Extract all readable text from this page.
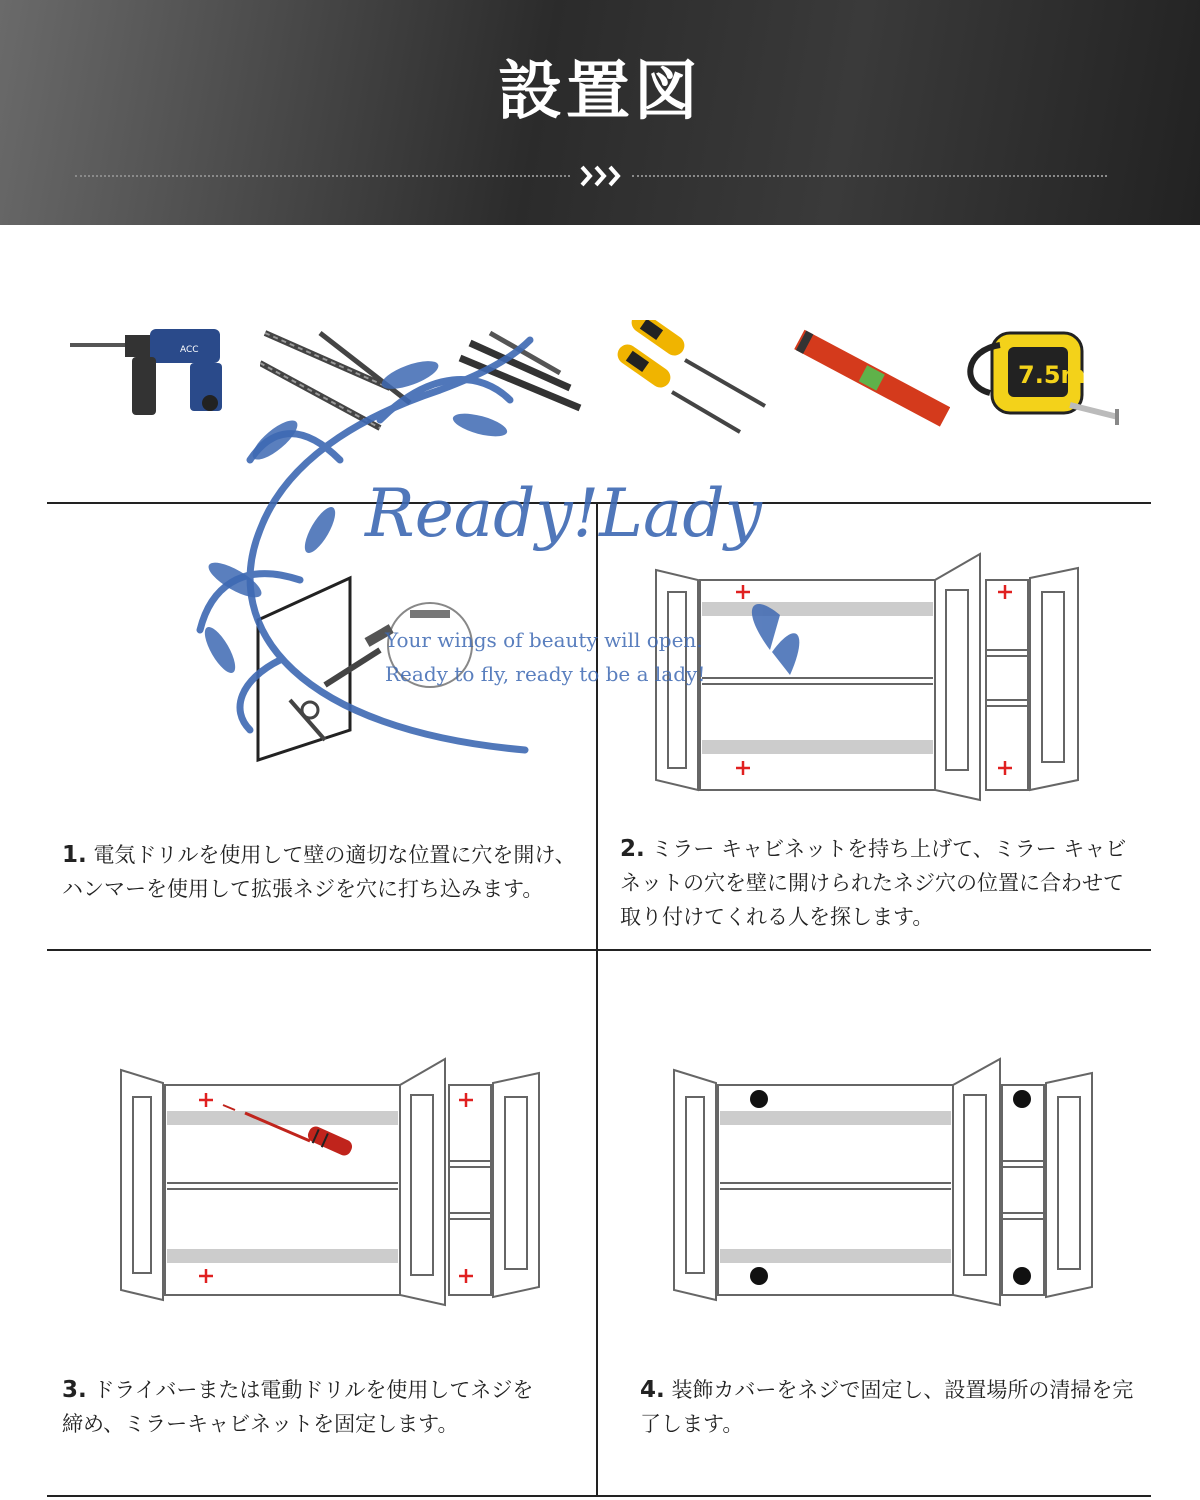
設置図
ACC
7.5m
1. 電気ドリルを使用して壁の適切な位置に穴を開け、
ハンマーを使用して拡張ネジを穴に打ち込みます。
2. ミラー キャビネットを持ち上げて、ミラー キャビ
ネットの穴を壁に開けられたネジ穴の位置に合わせて
取り付けてくれる人を探します。
3. ドライバーまたは電動ドリルを使用してネジを
締め、ミラーキャビネットを固定します。
4. 装飾カバーをネジで固定し、設置場所の清掃を完
了します。
Ready!Lady
Your wings of beauty will open.
Ready to fly, ready to be a lady!
